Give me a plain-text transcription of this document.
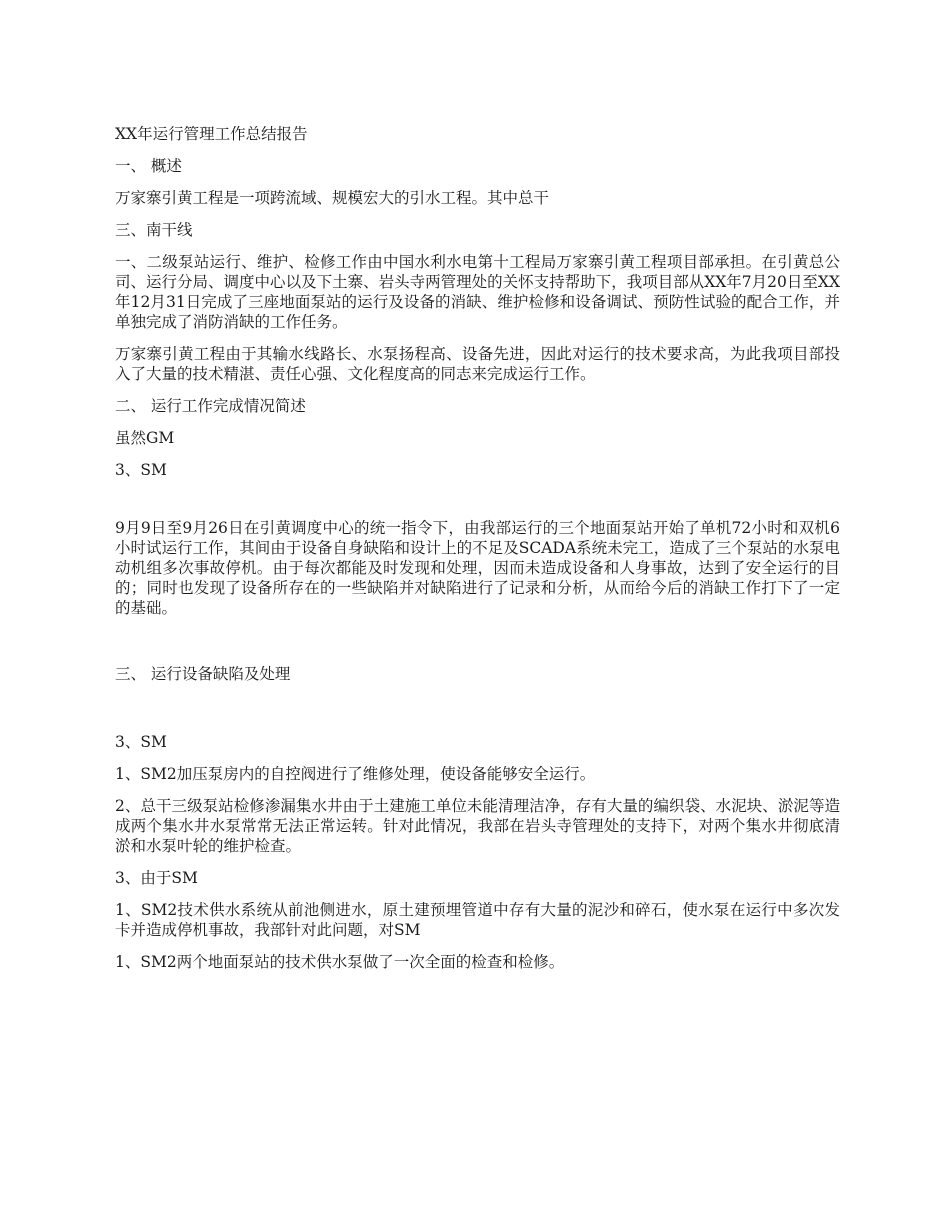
XX年运行管理工作总结报告

一、 概述

万家寨引黄工程是一项跨流域、规模宏大的引水工程。其中总干

三、南干线

一、二级泵站运行、维护、检修工作由中国水利水电第十工程局万家寨引黄工程项目部承担。在引黄总公司、运行分局、调度中心以及下土寨、岩头寺两管理处的关怀支持帮助下，我项目部从XX年7月20日至XX年12月31日完成了三座地面泵站的运行及设备的消缺、维护检修和设备调试、预防性试验的配合工作，并单独完成了消防消缺的工作任务。

万家寨引黄工程由于其输水线路长、水泵扬程高、设备先进，因此对运行的技术要求高，为此我项目部投入了大量的技术精湛、责任心强、文化程度高的同志来完成运行工作。

二、 运行工作完成情况简述

虽然GM

3、SM

9月9日至9月26日在引黄调度中心的统一指令下，由我部运行的三个地面泵站开始了单机72小时和双机6小时试运行工作，其间由于设备自身缺陷和设计上的不足及SCADA系统未完工，造成了三个泵站的水泵电动机组多次事故停机。由于每次都能及时发现和处理，因而未造成设备和人身事故，达到了安全运行的目的；同时也发现了设备所存在的一些缺陷并对缺陷进行了记录和分析，从而给今后的消缺工作打下了一定的基础。

三、 运行设备缺陷及处理

3、SM

1、SM2加压泵房内的自控阀进行了维修处理，使设备能够安全运行。

2、总干三级泵站检修渗漏集水井由于土建施工单位未能清理洁净，存有大量的编织袋、水泥块、淤泥等造成两个集水井水泵常常无法正常运转。针对此情况，我部在岩头寺管理处的支持下，对两个集水井彻底清淤和水泵叶轮的维护检查。

3、由于SM

1、SM2技术供水系统从前池侧进水，原土建预埋管道中存有大量的泥沙和碎石，使水泵在运行中多次发卡并造成停机事故，我部针对此问题，对SM

1、SM2两个地面泵站的技术供水泵做了一次全面的检查和检修。
